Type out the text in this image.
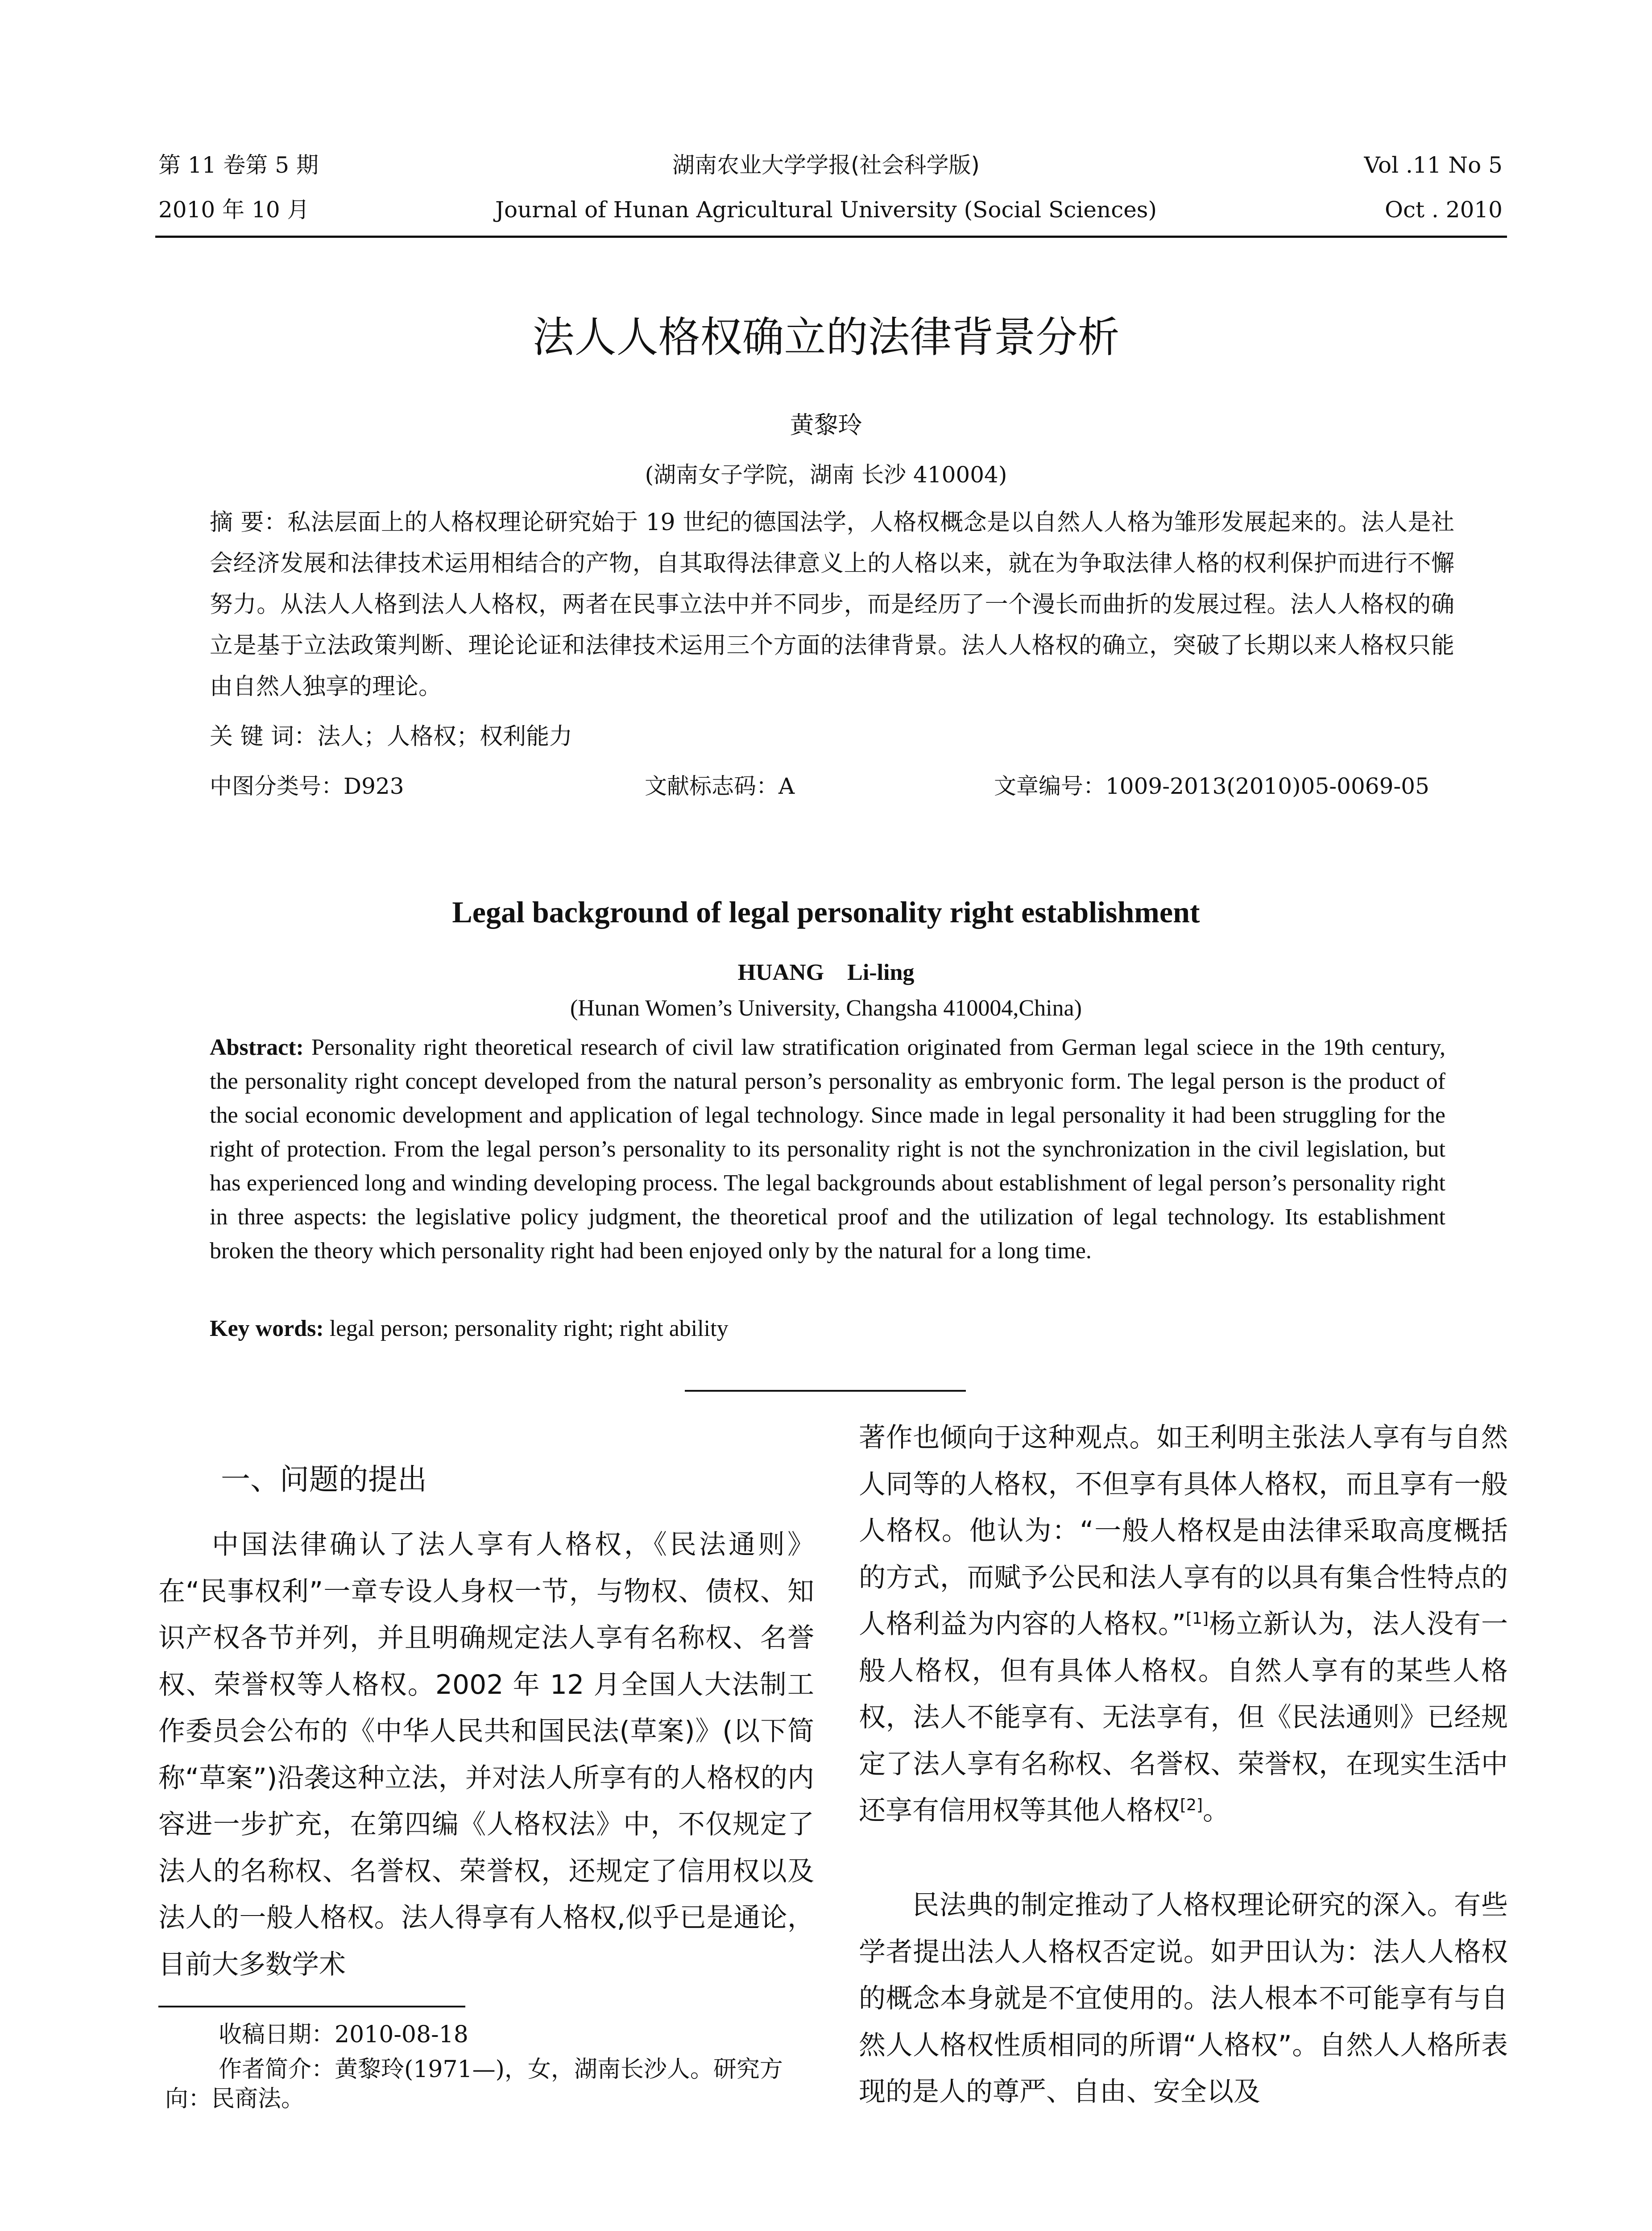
第 11 卷第 5 期	湖南农业大学学报(社会科学版)	Vol .11 No 5
2010 年 10 月	Journal of Hunan Agricultural University (Social Sciences)	Oct . 2010
法人人格权确立的法律背景分析
黄黎玲
(湖南女子学院，湖南 长沙 410004)
摘 要：私法层面上的人格权理论研究始于 19 世纪的德国法学，人格权概念是以自然人人格为雏形发展起来的。法人是社会经济发展和法律技术运用相结合的产物，自其取得法律意义上的人格以来，就在为争取法律人格的权利保护而进行不懈努力。从法人人格到法人人格权，两者在民事立法中并不同步，而是经历了一个漫长而曲折的发展过程。法人人格权的确立是基于立法政策判断、理论论证和法律技术运用三个方面的法律背景。法人人格权的确立，突破了长期以来人格权只能由自然人独享的理论。
关 键 词：法人；人格权；权利能力
中图分类号：D923	文献标志码：A	文章编号：1009-2013(2010)05-0069-05
Legal background of legal personality right establishment
HUANG    Li-ling
(Hunan Women’s University, Changsha 410004,China)
Abstract: Personality right theoretical research of civil law stratification originated from German legal sciece in the 19th century, the personality right concept developed from the natural person’s personality as embryonic form. The legal person is the product of the social economic development and application of legal technology. Since made in legal personality it had been struggling for the right of protection. From the legal person’s personality to its personality right is not the synchronization in the civil legislation, but has experienced long and winding developing process. The legal backgrounds about establishment of legal person’s personality right in three aspects: the legislative policy judgment, the theoretical proof and the utilization of legal technology. Its establishment broken the theory which personality right had been enjoyed only by the natural for a long time.
Key words: legal person; personality right; right ability
一、问题的提出
中国法律确认了法人享有人格权，《民法通则》在“民事权利”一章专设人身权一节，与物权、债权、知识产权各节并列，并且明确规定法人享有名称权、名誉权、荣誉权等人格权。2002 年 12 月全国人大法制工作委员会公布的《中华人民共和国民法(草案)》(以下简称“草案”)沿袭这种立法，并对法人所享有的人格权的内容进一步扩充，在第四编《人格权法》中，不仅规定了法人的名称权、名誉权、荣誉权，还规定了信用权以及法人的一般人格权。法人得享有人格权,似乎已是通论，目前大多数学术
收稿日期：2010-08-18
作者简介：黄黎玲(1971—)，女，湖南长沙人。研究方向：民商法。
著作也倾向于这种观点。如王利明主张法人享有与自然人同等的人格权，不但享有具体人格权，而且享有一般人格权。他认为：“一般人格权是由法律采取高度概括的方式，而赋予公民和法人享有的以具有集合性特点的人格利益为内容的人格权。”[1]杨立新认为，法人没有一般人格权，但有具体人格权。自然人享有的某些人格权，法人不能享有、无法享有，但《民法通则》已经规定了法人享有名称权、名誉权、荣誉权，在现实生活中还享有信用权等其他人格权[2]。
民法典的制定推动了人格权理论研究的深入。有些学者提出法人人格权否定说。如尹田认为：法人人格权的概念本身就是不宜使用的。法人根本不可能享有与自然人人格权性质相同的所谓“人格权”。自然人人格所表现的是人的尊严、自由、安全以及
